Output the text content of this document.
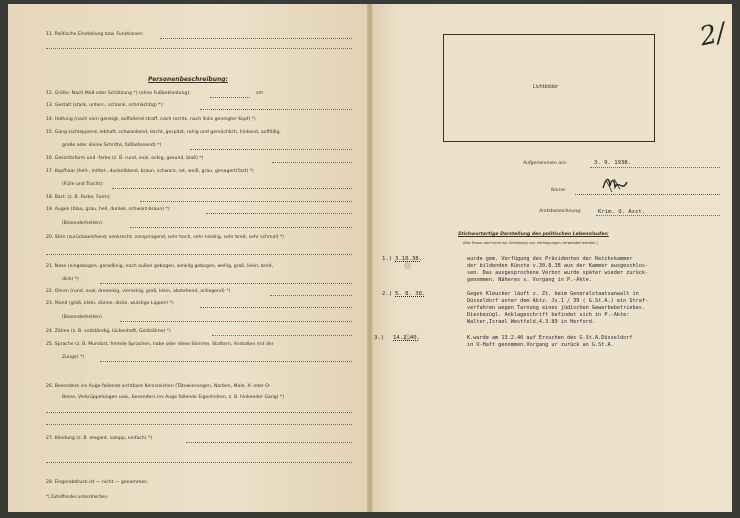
11. Politische Einstellung bzw. Funktionen:
…
…
Personenbeschreibung:
12. Größe: Nach Maß oder Schätzung *) (ohne Fußbekleidung):	cm
13. Gestalt (stark, unters., schlank, schmächtig) *):
14. Haltung (nach vorn geneigt, auffallend straff, nach rechts, nach links geneigter Kopf) *)
15. Gang (schleppend, lebhaft, schwankend, leicht, gespitzt, ruhig und gemächlich, hinkend, auffällig,
große oder kleine Schritte, fußbetonend) *)
16. Gesichtsform und -farbe (z. B. rund, oval, eckig, gesund, blaß) *)
17. Kopfhaar (hell-, mittel-, dunkelblond, braun, schwarz, rot, weiß, grau, genagert(fast) *)
(Fülle und Tracht):
18. Bart: (z. B. Farbe, Form):
19. Augen (blau, grau, hell, dunkel, schwarz-braun) *)
(Besonderheiten):
20. Stirn (zurückweichend, senkrecht, vorspringend, sehr hoch, sehr niedrig, sehr breit, sehr schmal) *)
21. Nase (eingebogen, geradlinig, nach außen gebogen, winklig gebogen, wellig, groß, klein, breit,
dick) *)
22. Ohren (rund, oval, dreieckig, viereckig, groß, klein, abstehend, anliegend) *)
23. Mund (groß, klein, dünne, dicke, wulstige Lippen) *)
(Besonderheiten)
24. Zähne (z. B. vollständig, lückenhaft, Goldzähne) *)
25. Sprache (z. B. Mundart, fremde Sprachen, habe oder diese Stimme, Stottern, Anstoßen mit der
Zunge) *)
26. Besondere ins Auge fallende sichtbare Kennzeichen (Tätowierungen, Narben, Male, X- oder O-
Beine, Verkrüppelungen usw., besonders ins Auge fallende Eigenheiten, z. B. hinkender Gang) *)
27. Kleidung (z. B. elegant, salopp, einfach) *)
28. Fingerabdruck ist — nicht — genommen.
*) Zutreffendes unterstreichen.
2/
Lichtbilder
Aufgenommen am:	3. 9. 1938.
Name:
Amtsbezeichnung:	Krim. O. Asst.
Stichwortartige Darstellung des politischen Lebenslaufes:
(Der Raum darf nicht zur Schätzung von Verfolgungen verwendet werden.)
1.) 3.10.38.	wurde gem. Verfügung des Präsidenten der Reichskammer
der bildenden Künste v.30.8.38 aus der Kammer ausgeschlos-
sen. Das ausgesprochene Verbot wurde später wieder zurück-
genommen. Näheres s. Vorgang in P.-Akte.
2.) 5. 8. 38.	Gegen Kleucker läuft z. Zt. beim Generalstaatsanwalt in
Düsseldorf unter dem Aktz. Js.1 / 39 ( G.St.A.) ein Straf-
verfahren wegen Tarnung eines jüdischen Gewerbebetriebes.
Diesbezügl. Anklageschrift befindet sich in P.-Akte:
Walter,Israel Westfeld,4.3.89 in Herford.
3.) 14.2.40.	K.wurde am 13.2.40 auf Ersuchen des G.St.A.Düsseldorf
in U-Haft genommen.Vorgang ur zurück an G.St.A.
